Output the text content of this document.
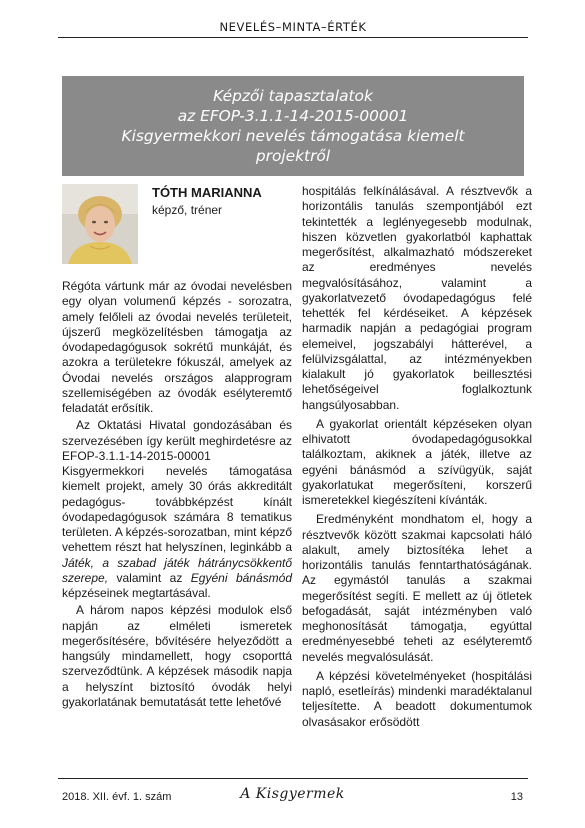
NEVELÉS–MINTA–ÉRTÉK
Képzői tapasztalatok
az EFOP-3.1.1-14-2015-00001
Kisgyermekkori nevelés támogatása kiemelt
projektről
TÓTH MARIANNA
képző, tréner

Régóta vártunk már az óvodai nevelésben egy olyan volumenű képzés - sorozatra, amely felőleli az óvodai nevelés területeit, újszerű megközelítésben támogatja az óvodapedagógusok sokrétű munkáját, és azokra a területekre fókuszál, amelyek az Óvodai nevelés országos alapprogram szellemiségében az óvodák esélyteremtő feladatát erősítik.

Az Oktatási Hivatal gondozásában és szervezésében így került meghirdetésre az EFOP-3.1.1-14-2015-00001 Kisgyermekkori nevelés támogatása kiemelt projekt, amely 30 órás akkreditált pedagógus- továbbképzést kínált óvodapedagógusok számára 8 tematikus területen. A képzés-sorozatban, mint képző vehettem részt hat helyszínen, leginkább a Játék, a szabad játék hátránycsökkentő szerepe, valamint az Egyéni bánásmód képzéseinek megtartásával.

A három napos képzési modulok első napján az elméleti ismeretek megerősítésére, bővítésére helyeződött a hangsúly mindamellett, hogy csoporttá szerveződtünk. A képzések második napja a helyszínt biztosító óvodák helyi gyakorlatának bemutatását tette lehetővé

hospitálás felkínálásával. A résztvevők a horizontális tanulás szempontjából ezt tekintették a leglényegesebb modulnak, hiszen közvetlen gyakorlatból kaphattak megerősítést, alkalmazható módszereket az eredményes nevelés megvalósításához, valamint a gyakorlatvezető óvodapedagógus felé tehették fel kérdéseiket. A képzések harmadik napján a pedagógiai program elemeivel, jogszabályi hátterével, a felülvizsgálattal, az intézményekben kialakult jó gyakorlatok beillesztési lehetőségeivel foglalkoztunk hangsúlyosabban.

A gyakorlat orientált képzéseken olyan elhivatott óvodapedagógusokkal találkoztam, akiknek a játék, illetve az egyéni bánásmód a szívügyük, saját gyakorlatukat megerősíteni, korszerű ismeretekkel kiegészíteni kívánták.

Eredményként mondhatom el, hogy a résztvevők között szakmai kapcsolati háló alakult, amely biztosítéka lehet a horizontális tanulás fenntarthatóságának. Az egymástól tanulás a szakmai megerősítést segíti. E mellett az új ötletek befogadását, saját intézményben való meghonosítását támogatja, egyúttal eredményesebbé teheti az esélyteremtő nevelés megvalósulását.

A képzési követelményeket (hospitálási napló, esetleírás) mindenki maradéktalanul teljesítette. A beadott dokumentumok olvasásakor erősödött

2018. XII. évf. 1. szám	A Kisgyermek	13
